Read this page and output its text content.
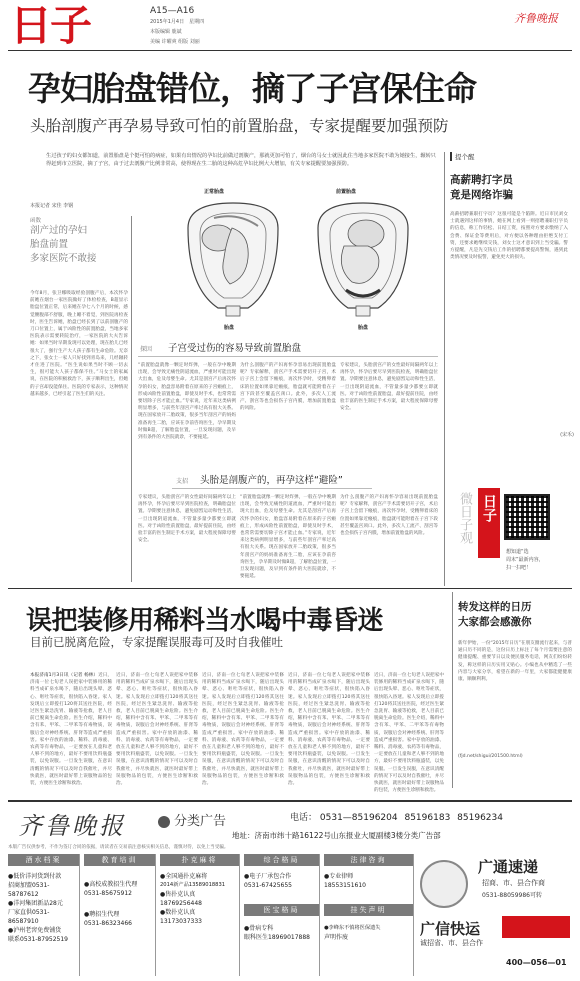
日子	A15—A16
2015年1月4日　星期四
本版编辑 鹿斌
美编 许曜爽 组版 刘丽
齐鲁晚报
孕妇胎盘错位，摘了子宫保住命
头胎剖腹产再孕易导致可怕的前置胎盘，专家提醒要加强预防
生过孩子的妇女都知道，前置胎盘是个挺可怕的病症，如果有出情况的孕妇比前做过剖腹产，那就更加可怕了，烟台的马女士就因此住当地多家医院不敢为她接生，辗转只得赶到市立医院，摘了子宫，由于过去剖腹产比例非常高，使得现在生二胎的这种高危孕妇比例大大增加，有关专家提醒要加强预防。
本报记者 宋佳 李钢
函数
剖产过的孕妇
胎盘前置
多家医院不敢接
今年8月，张卫娜吸取经验剖腹产后，本次怀孕前她在烟台一家医院做好了体检检查，B超显示胎盘位置正常，后来她在孕七八个月的时候，感觉腰腹部不舒服，晚上睡不着觉，到医院再检查时，医生告诉她，胎盘已经长到了以前剖腹产的刀口位置上，属于凶险性的前置胎盘，当地多家医院表示需要转院治疗，一家医院的大夫告诉她：如果当时早期发现可以处理，现在胎儿已经很大了，强行生产大人孩子都有生命危险。无奈之下，张女士一家人只好找到青岛来，几经辗转才住进了医院。“医生说如果当时不顾一切去生，很可能大人孩子都保不住。”马女士的家属说，在医院的积极救治下，孩子顺利出生，但她的子宫却没能保住。医院的专家表示，这种情况越来越多，已经引起了医生们的关注。
正常胎盘	前置胎盘
胎盘	胎盘
探因 子宫受过伤的容易导致前置胎盘
“前置胎盘就像一颗定时炸弹，一般在孕中晚期出现，会导致无痛性阴道流血，严重时可能出现大出血，危及母婴生命。尤其是剖宫产后再次怀孕的妇女，胎盘容易附着在原来的子宫瘢痕上，形成凶险性前置胎盘，即使及时手术，也常常需要切除子宫才能止血。”专家说，近年来这类病例明显增多，与前些年剖宫产率过高有很大关系。现在国家放开二胎政策，很多当年剖宫产的妈妈准备再生二胎，应该在孕前咨询医生，孕早期及时做B超，了解胎盘位置，一旦发现问题，及早到有条件的大医院就诊，不要拖延。
为什么剖腹产的产妇再怀孕容易出现前置胎盘呢？专家解释，剖宫产手术需要切开子宫，术后子宫上会留下瘢痕，再次怀孕时，受精卵着床的位置如果靠近瘢痕，胎盘就可能附着在子宫下段甚至覆盖宫颈口。此外，多次人工流产、刮宫等也会损伤子宫内膜，增加前置胎盘的风险。
专家建议，头胎剖宫产的女性最好间隔两年以上再怀孕，怀孕后要尽早到医院检查，明确胎盘位置。孕期要注意休息，避免剧烈运动和性生活，一旦出现阴道流血，不管量多量少都要立即就医。对于凶险性前置胎盘，最好提前住院，由经验丰富的医生制定手术方案，最大程度保障母婴安全。
支招 头胎是剖腹产的，再孕这样“避险”
专家建议，头胎剖宫产的女性最好间隔两年以上再怀孕，怀孕后要尽早到医院检查，明确胎盘位置。孕期要注意休息，避免剧烈运动和性生活，一旦出现阴道流血，不管量多量少都要立即就医。对于凶险性前置胎盘，最好提前住院，由经验丰富的医生制定手术方案，最大程度保障母婴安全。
“前置胎盘就像一颗定时炸弹，一般在孕中晚期出现，会导致无痛性阴道流血，严重时可能出现大出血，危及母婴生命。尤其是剖宫产后再次怀孕的妇女，胎盘容易附着在原来的子宫瘢痕上，形成凶险性前置胎盘，即使及时手术，也常常需要切除子宫才能止血。”专家说，近年来这类病例明显增多，与前些年剖宫产率过高有很大关系。现在国家放开二胎政策，很多当年剖宫产的妈妈准备再生二胎，应该在孕前咨询医生，孕早期及时做B超，了解胎盘位置，一旦发现问题，及早到有条件的大医院就诊，不要拖延。
为什么剖腹产的产妇再怀孕容易出现前置胎盘呢？专家解释，剖宫产手术需要切开子宫，术后子宫上会留下瘢痕，再次怀孕时，受精卵着床的位置如果靠近瘢痕，胎盘就可能附着在子宫下段甚至覆盖宫颈口。此外，多次人工流产、刮宫等也会损伤子宫内膜，增加前置胎盘的风险。
提个醒
高薪聘打字员
竟是网络诈骗
高薪招聘兼职打字员？这很可能是个陷阱。近日市民刘女士就遇到这样的事情，她在网上看到一则招聘兼职打字员的信息，称工作轻松、日结工资，按照对方要求缴纳了入会费、保证金等费用后，对方便以各种理由拒绝支付工资，还要求她继续交钱，刘女士这才意识到上当受骗。警方提醒，凡是先交钱后工作的招聘都要提高警惕，遇到此类情况要及时报警，避免更大的损失。
(宋禾)
微日子观 日子
想知道“选
周末”最新内容，
扫一扫吧！
误把装修用稀料当水喝中毒昏迷
目前已脱离危险，专家提醒误服毒可及时自我催吐
本报济南1月3日讯（记者 杨林）近日，济南一位七旬老人误把家中装修用的稀料当成矿泉水喝下，随后出现头晕、恶心、呕吐等症状，很快陷入昏迷。家人发现后立即拨打120将其送往医院，经过医生紧急洗胃、输液等抢救，老人目前已脱离生命危险。医生介绍，稀料中含有苯、甲苯、二甲苯等有毒物质，误服后会对神经系统、肝肾等造成严重损害。家中存放的油漆、稀料、消毒液、农药等有毒物品，一定要放在儿童和老人够不到的地方，最好不要用饮料瓶盛装，以免误服。一旦发生误服，在意识清醒的情况下可以及时自我催吐，并尽快就医，就医时最好带上误服物品的包装，方便医生诊断和救治。
近日，济南一位七旬老人误把家中装修用的稀料当成矿泉水喝下，随后出现头晕、恶心、呕吐等症状，很快陷入昏迷。家人发现后立即拨打120将其送往医院，经过医生紧急洗胃、输液等抢救，老人目前已脱离生命危险。医生介绍，稀料中含有苯、甲苯、二甲苯等有毒物质，误服后会对神经系统、肝肾等造成严重损害。家中存放的油漆、稀料、消毒液、农药等有毒物品，一定要放在儿童和老人够不到的地方，最好不要用饮料瓶盛装，以免误服。一旦发生误服，在意识清醒的情况下可以及时自我催吐，并尽快就医，就医时最好带上误服物品的包装，方便医生诊断和救治。
近日，济南一位七旬老人误把家中装修用的稀料当成矿泉水喝下，随后出现头晕、恶心、呕吐等症状，很快陷入昏迷。家人发现后立即拨打120将其送往医院，经过医生紧急洗胃、输液等抢救，老人目前已脱离生命危险。医生介绍，稀料中含有苯、甲苯、二甲苯等有毒物质，误服后会对神经系统、肝肾等造成严重损害。家中存放的油漆、稀料、消毒液、农药等有毒物品，一定要放在儿童和老人够不到的地方，最好不要用饮料瓶盛装，以免误服。一旦发生误服，在意识清醒的情况下可以及时自我催吐，并尽快就医，就医时最好带上误服物品的包装，方便医生诊断和救治。
近日，济南一位七旬老人误把家中装修用的稀料当成矿泉水喝下，随后出现头晕、恶心、呕吐等症状，很快陷入昏迷。家人发现后立即拨打120将其送往医院，经过医生紧急洗胃、输液等抢救，老人目前已脱离生命危险。医生介绍，稀料中含有苯、甲苯、二甲苯等有毒物质，误服后会对神经系统、肝肾等造成严重损害。家中存放的油漆、稀料、消毒液、农药等有毒物品，一定要放在儿童和老人够不到的地方，最好不要用饮料瓶盛装，以免误服。一旦发生误服，在意识清醒的情况下可以及时自我催吐，并尽快就医，就医时最好带上误服物品的包装，方便医生诊断和救治。
近日，济南一位七旬老人误把家中装修用的稀料当成矿泉水喝下，随后出现头晕、恶心、呕吐等症状，很快陷入昏迷。家人发现后立即拨打120将其送往医院，经过医生紧急洗胃、输液等抢救，老人目前已脱离生命危险。医生介绍，稀料中含有苯、甲苯、二甲苯等有毒物质，误服后会对神经系统、肝肾等造成严重损害。家中存放的油漆、稀料、消毒液、农药等有毒物品，一定要放在儿童和老人够不到的地方，最好不要用饮料瓶盛装，以免误服。一旦发生误服，在意识清醒的情况下可以及时自我催吐，并尽快就医，就医时最好带上误服物品的包装，方便医生诊断和救治。
转发这样的日历
大家都会感激你
新年伊始，一份“2015年日历”在朋友圈流行起来，与普通日历不同的是，这份日历上标注了每个月需要注意的健康提醒、重要节日以及便民服务电话，网友们纷纷转发，称这样的日历实用又贴心。小编也从中精选了一些内容与大家分享，希望在新的一年里，大家都能健健康康、顺顺利利。
(fjd.net/shigui/201500.html)
齐鲁晚报	分类广告	电话： 0531—85196204 85196183 85196234
地址：济南市纬十路16122号山东报业大厦副楼3楼分类广告部
本版广告仅供参考，不作为签订合同的依据，请读者在交易前注意核实相关信息，谨慎对待，以免上当受骗。
酒水档案
●低价洋河货到付款
招商加盟0531-58787612
●洋河集团新品28元
厂家直供0531-86587910
●泸州老窖免费铺货
联系0531-87952519
教育培训
●高校成教招生代理
0531-85675912
●聘招生代理
0531-86323466
扑克麻将
●全国通扑克麻将
2014新产品13589018831
●售扑克认真
18769256448
●数扑克认真
13173037333
综合格局
●电子厂承包合作
0531-67425655
医宝格局
●骨病专科
眼科医生18969017888
法律咨询
●专业律师
18553151610
挂失声明
●李峰东不慎将医保遗失
声明作废
广通速递
招商、市、县合作商
0531-88059986可转
广信快运
诚招省、市、县合作
400—056—01
